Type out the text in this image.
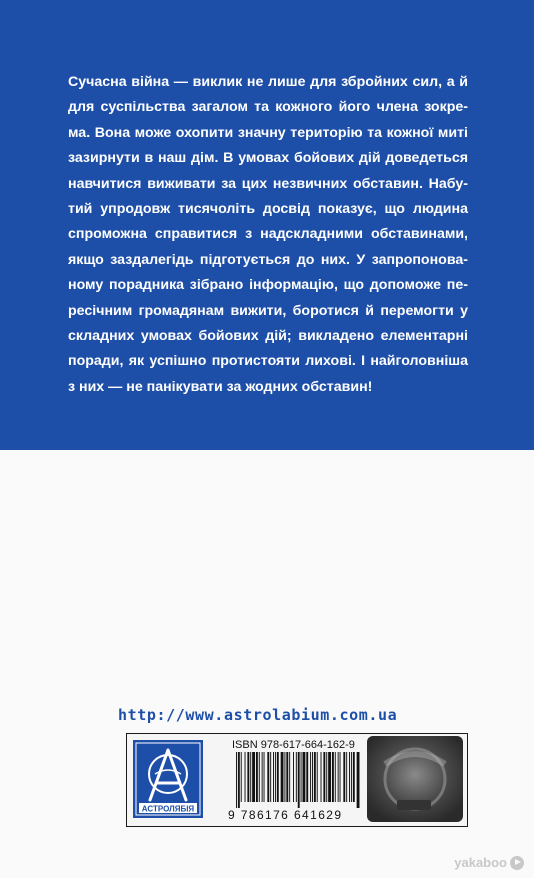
Сучасна війна — виклик не лише для збройних сил, а й для суспільства загалом та кожного його члена зокрема. Вона може охопити значну територію та кожної миті зазирнути в наш дім. В умовах бойових дій доведеться навчитися виживати за цих незвичних обставин. Набутий упродовж тисячоліть досвід показує, що людина спроможна справитися з надскладними обставинами, якщо заздалегідь підготується до них. У запропонованому порадника зібрано інформацію, що допоможе пересічним громадянам вижити, боротися й перемогти у складних умовах бойових дій; викладено елементарні поради, як успішно протистояти лихові. І найголовніша з них — не панікувати за жодних обставин!

http://www.astrolabium.com.ua
АСТРОЛЯБІЯ
ISBN 978-617-664-162-9
9 786176 641629
yakaboo
